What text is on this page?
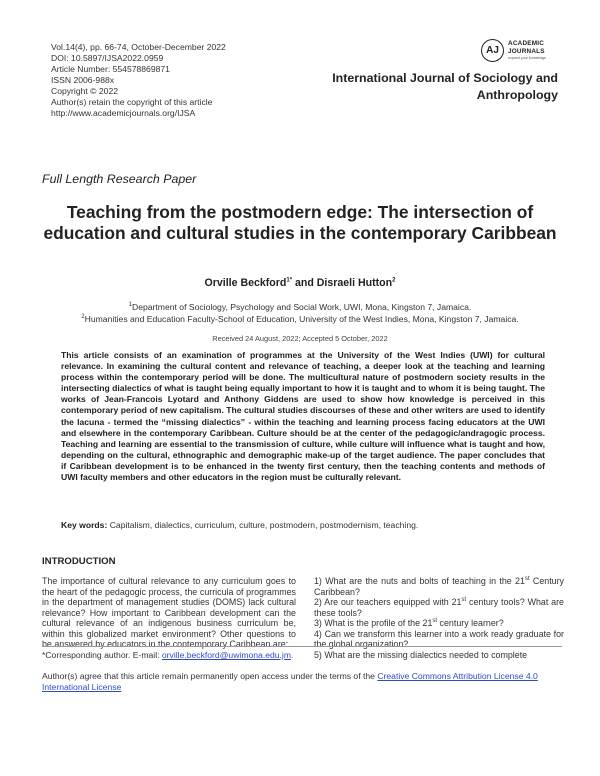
Vol.14(4), pp. 66-74, October-December 2022
DOI: 10.5897/IJSA2022.0959
Article Number: 554578869871
ISSN 2006-988x
Copyright © 2022
Author(s) retain the copyright of this article
http://www.academicjournals.org/IJSA
AJ
ACADEMIC
JOURNALS
expand your knowledge
International Journal of Sociology and
Anthropology
Full Length Research Paper
Teaching from the postmodern edge: The intersection of education and cultural studies in the contemporary Caribbean
Orville Beckford$^{1*}$ and Disraeli Hutton$^2$
$^1$Department of Sociology, Psychology and Social Work, UWI, Mona, Kingston 7, Jamaica.
$^2$Humanities and Education Faculty-School of Education, University of the West Indies, Mona, Kingston 7, Jamaica.
Received 24 August, 2022; Accepted 5 October, 2022
This article consists of an examination of programmes at the University of the West Indies (UWI) for cultural relevance. In examining the cultural content and relevance of teaching, a deeper look at the teaching and learning process within the contemporary period will be done. The multicultural nature of postmodern society results in the intersecting dialectics of what is taught being equally important to how it is taught and to whom it is being taught. The works of Jean-Francois Lyotard and Anthony Giddens are used to show how knowledge is perceived in this contemporary period of new capitalism. The cultural studies discourses of these and other writers are used to identify the lacuna - termed the “missing dialectics” - within the teaching and learning process facing educators at the UWI and elsewhere in the contemporary Caribbean. Culture should be at the center of the pedagogic/andragogic process. Teaching and learning are essential to the transmission of culture, while culture will influence what is taught and how, depending on the cultural, ethnographic and demographic make-up of the target audience. The paper concludes that if Caribbean development is to be enhanced in the twenty first century, then the teaching contents and methods of UWI faculty members and other educators in the region must be culturally relevant.
Key words: Capitalism, dialectics, curriculum, culture, postmodern, postmodernism, teaching.
INTRODUCTION
The importance of cultural relevance to any curriculum goes to the heart of the pedagogic process, the curricula of programmes in the department of management studies (DOMS) lack cultural relevance? How important to Caribbean development can the cultural relevance of an indigenous business curriculum be, within this globalized market environment? Other questions to be answered by educators in the contemporary Caribbean are:
1) What are the nuts and bolts of teaching in the 21st Century Caribbean?
2) Are our teachers equipped with 21st century tools? What are these tools?
3) What is the profile of the 21st century learner?
4) Can we transform this learner into a work ready graduate for the global organization?
5) What are the missing dialectics needed to complete
*Corresponding author. E-mail: orville.beckford@uwimona.edu.jm.
Author(s) agree that this article remain permanently open access under the terms of the Creative Commons Attribution License 4.0 International License
